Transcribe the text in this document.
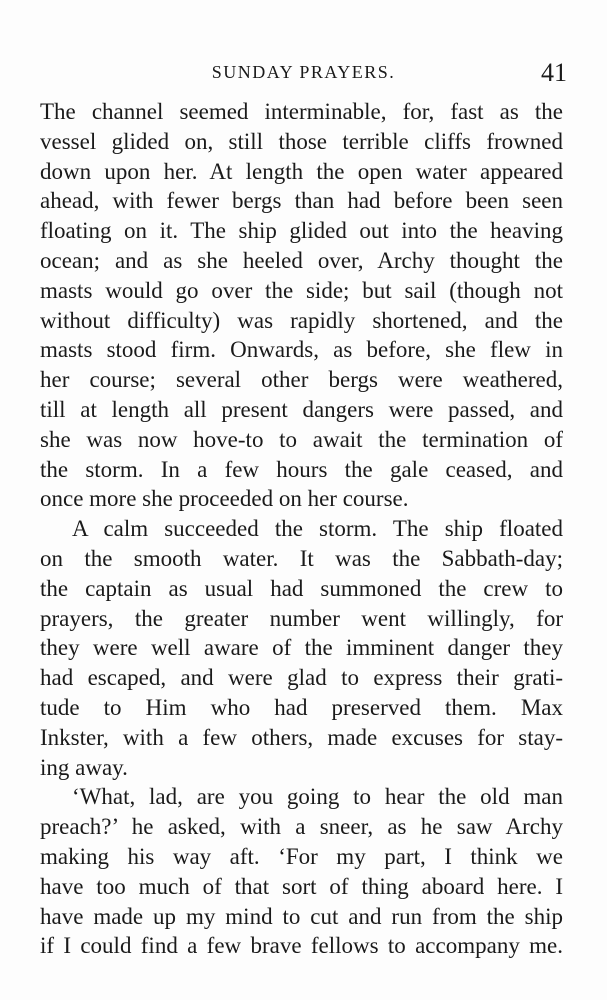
SUNDAY PRAYERS.	41
The channel seemed interminable, for, fast as the
vessel glided on, still those terrible cliffs frowned
down upon her. At length the open water appeared
ahead, with fewer bergs than had before been seen
floating on it. The ship glided out into the heaving
ocean; and as she heeled over, Archy thought the
masts would go over the side; but sail (though not
without difficulty) was rapidly shortened, and the
masts stood firm. Onwards, as before, she flew in
her course; several other bergs were weathered,
till at length all present dangers were passed, and
she was now hove-to to await the termination of
the storm. In a few hours the gale ceased, and
once more she proceeded on her course.
A calm succeeded the storm. The ship floated
on the smooth water. It was the Sabbath-day;
the captain as usual had summoned the crew to
prayers, the greater number went willingly, for
they were well aware of the imminent danger they
had escaped, and were glad to express their grati-
tude to Him who had preserved them. Max
Inkster, with a few others, made excuses for stay-
ing away.
‘What, lad, are you going to hear the old man
preach?’ he asked, with a sneer, as he saw Archy
making his way aft. ‘For my part, I think we
have too much of that sort of thing aboard here. I
have made up my mind to cut and run from the ship
if I could find a few brave fellows to accompany me.
